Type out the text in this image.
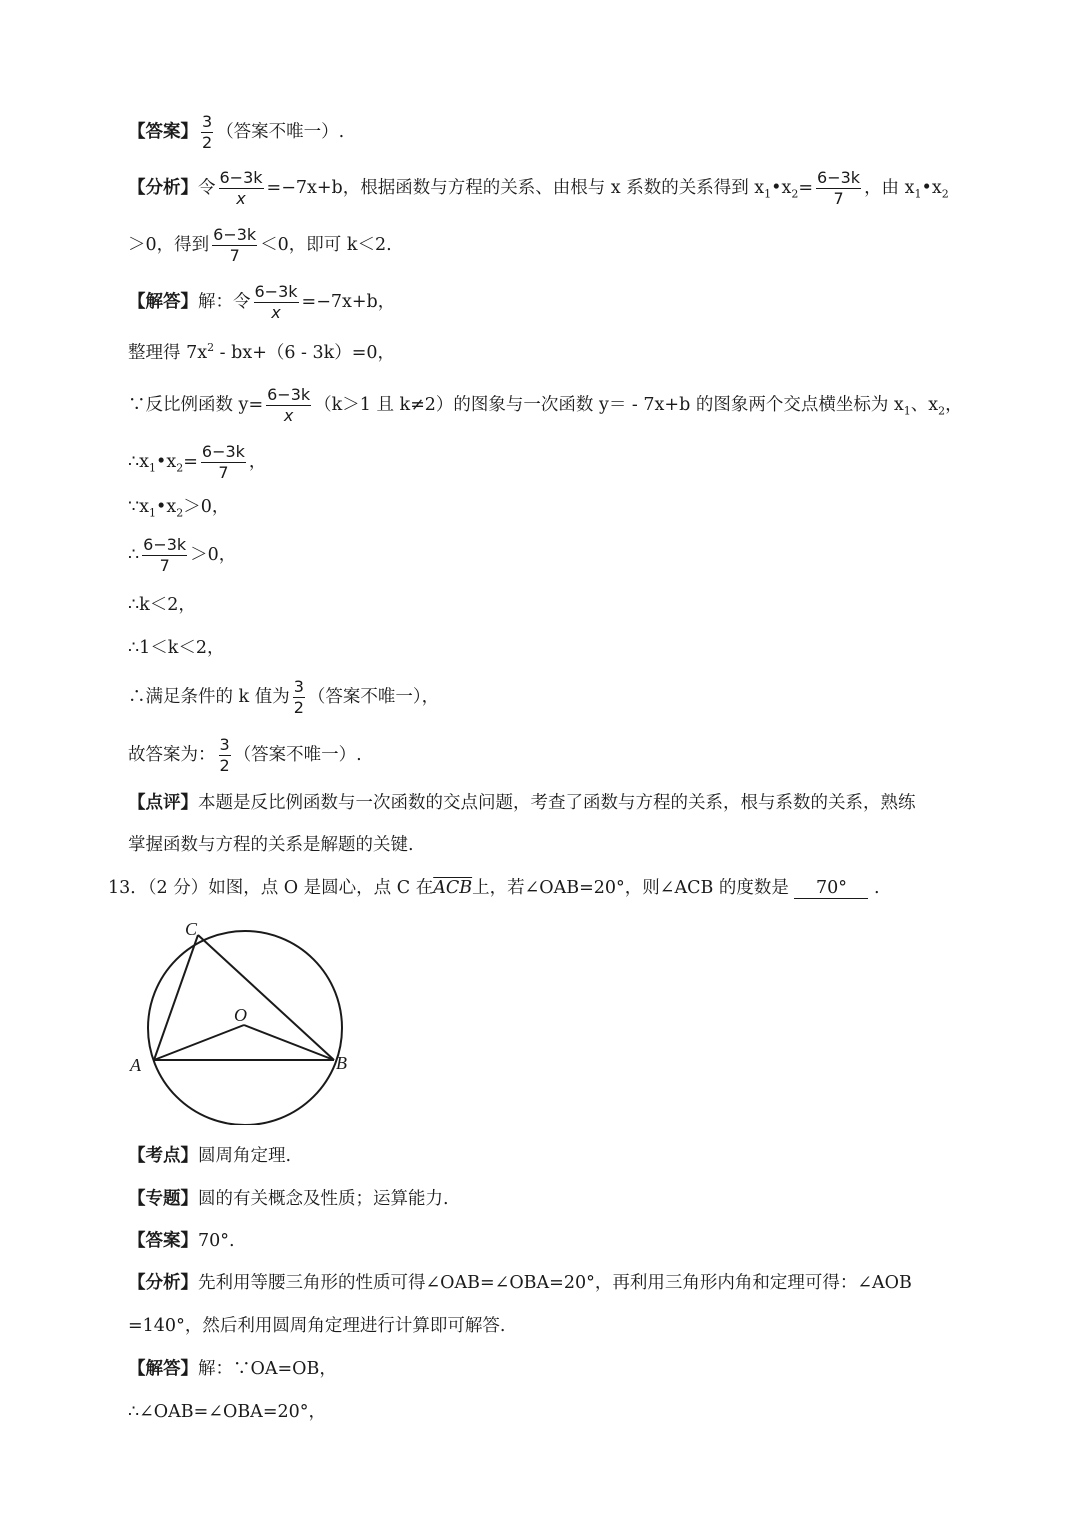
【答案】 $\frac{3}{2}$ （答案不唯一）.
【分析】令 $\frac{6-3k}{x} =-7x+b$，根据函数与方程的关系、由根与 x 系数的关系得到 $x_1•x_2= \frac{6-3k}{7}$ ，由 $x_1•x_2$
＞0，得到 $\frac{6-3k}{7} <0$，即可 k＜2.
【解答】解：令 $\frac{6-3k}{x} =-7x+b$，
整理得 $7x^2 - bx+(6 - 3k)=0$，
∵反比例函数 $y= \frac{6-3k}{x} (k>1$ 且 k≠2）的图象与一次函数 y＝ - 7x+b 的图象两个交点横坐标为 $x_1$、$x_2$，
$\therefore x_1•x_2= \frac{6-3k}{7}$ ，
$\because x_1•x_2>0$，
∴ $\frac{6-3k}{7} >0$，
∴k＜2，
∴1＜k＜2，
∴满足条件的 k 值为 $\frac{3}{2}$ （答案不唯一），
故答案为： $\frac{3}{2}$ （答案不唯一）.
【点评】本题是反比例函数与一次函数的交点问题，考查了函数与方程的关系，根与系数的关系，熟练
掌握函数与方程的关系是解题的关键.
13．（2 分）如图，点 O 是圆心，点 C 在$\overline{ACB}$上，若∠OAB=20°，则∠ACB 的度数是 70° .
C
O
A	B
【考点】圆周角定理.
【专题】圆的有关概念及性质；运算能力.
【答案】70°.
【分析】先利用等腰三角形的性质可得∠OAB=∠OBA=20°，再利用三角形内角和定理可得：∠AOB
=140°，然后利用圆周角定理进行计算即可解答.
【解答】解：∵OA=OB，
∴∠OAB=∠OBA=20°，
